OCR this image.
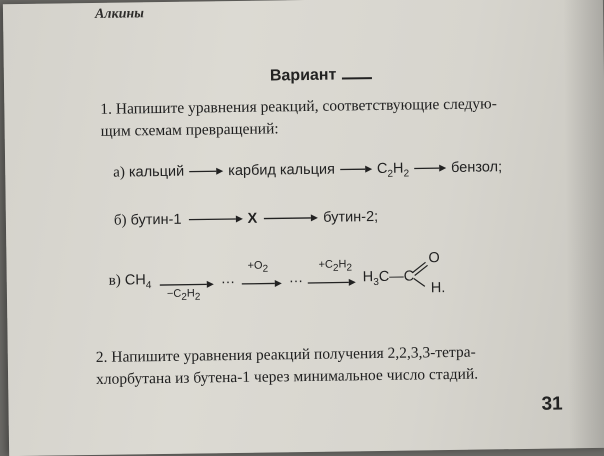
Алкины
Вариант
1. Напишите уравнения реакций, соответствующие следую-
щим схемам превращений:
а) кальций	карбид кальция	$C_2H_2$	бензол;
б) бутин-1	X	бутин-2;
в) $CH_4$
$-C_2H_2$
…
$+O_2$
…
$+C_2H_2$
$H_3C—C$
O
H.
2. Напишите уравнения реакций получения 2,2,3,3-тетра-
хлорбутана из бутена-1 через минимальное число стадий.
31
